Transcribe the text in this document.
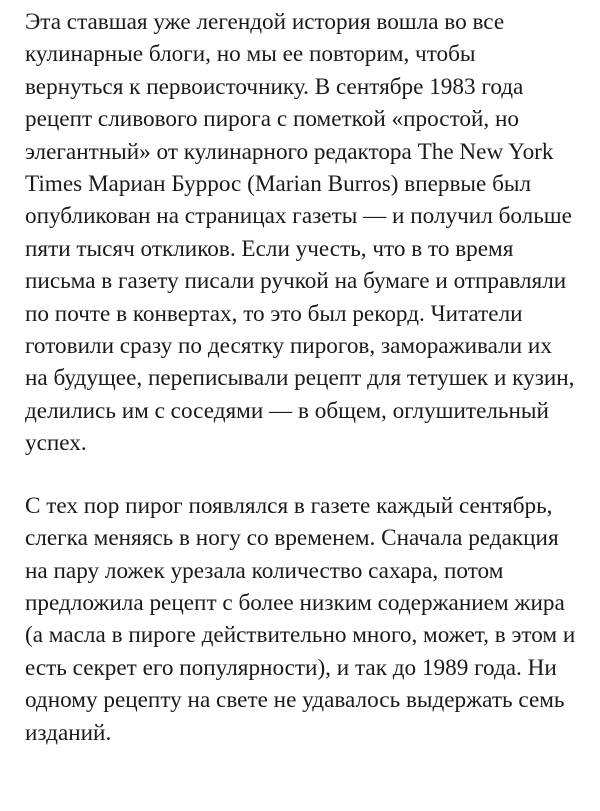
Эта ставшая уже легендой история вошла во все кулинарные блоги, но мы ее повторим, чтобы вернуться к первоисточнику. В сентябре 1983 года рецепт сливового пирога с пометкой «простой, но элегантный» от кулинарного редактора The New York Times Мариан Буррос (Marian Burros) впервые был опубликован на страницах газеты — и получил больше пяти тысяч откликов. Если учесть, что в то время письма в газету писали ручкой на бумаге и отправляли по почте в конвертах, то это был рекорд. Читатели готовили сразу по десятку пирогов, замораживали их на будущее, переписывали рецепт для тетушек и кузин, делились им с соседями — в общем, оглушительный успех.

С тех пор пирог появлялся в газете каждый сентябрь, слегка меняясь в ногу со временем. Сначала редакция на пару ложек урезала количество сахара, потом предложила рецепт с более низким содержанием жира (а масла в пироге действительно много, может, в этом и есть секрет его популярности), и так до 1989 года. Ни одному рецепту на свете не удавалось выдержать семь изданий.
